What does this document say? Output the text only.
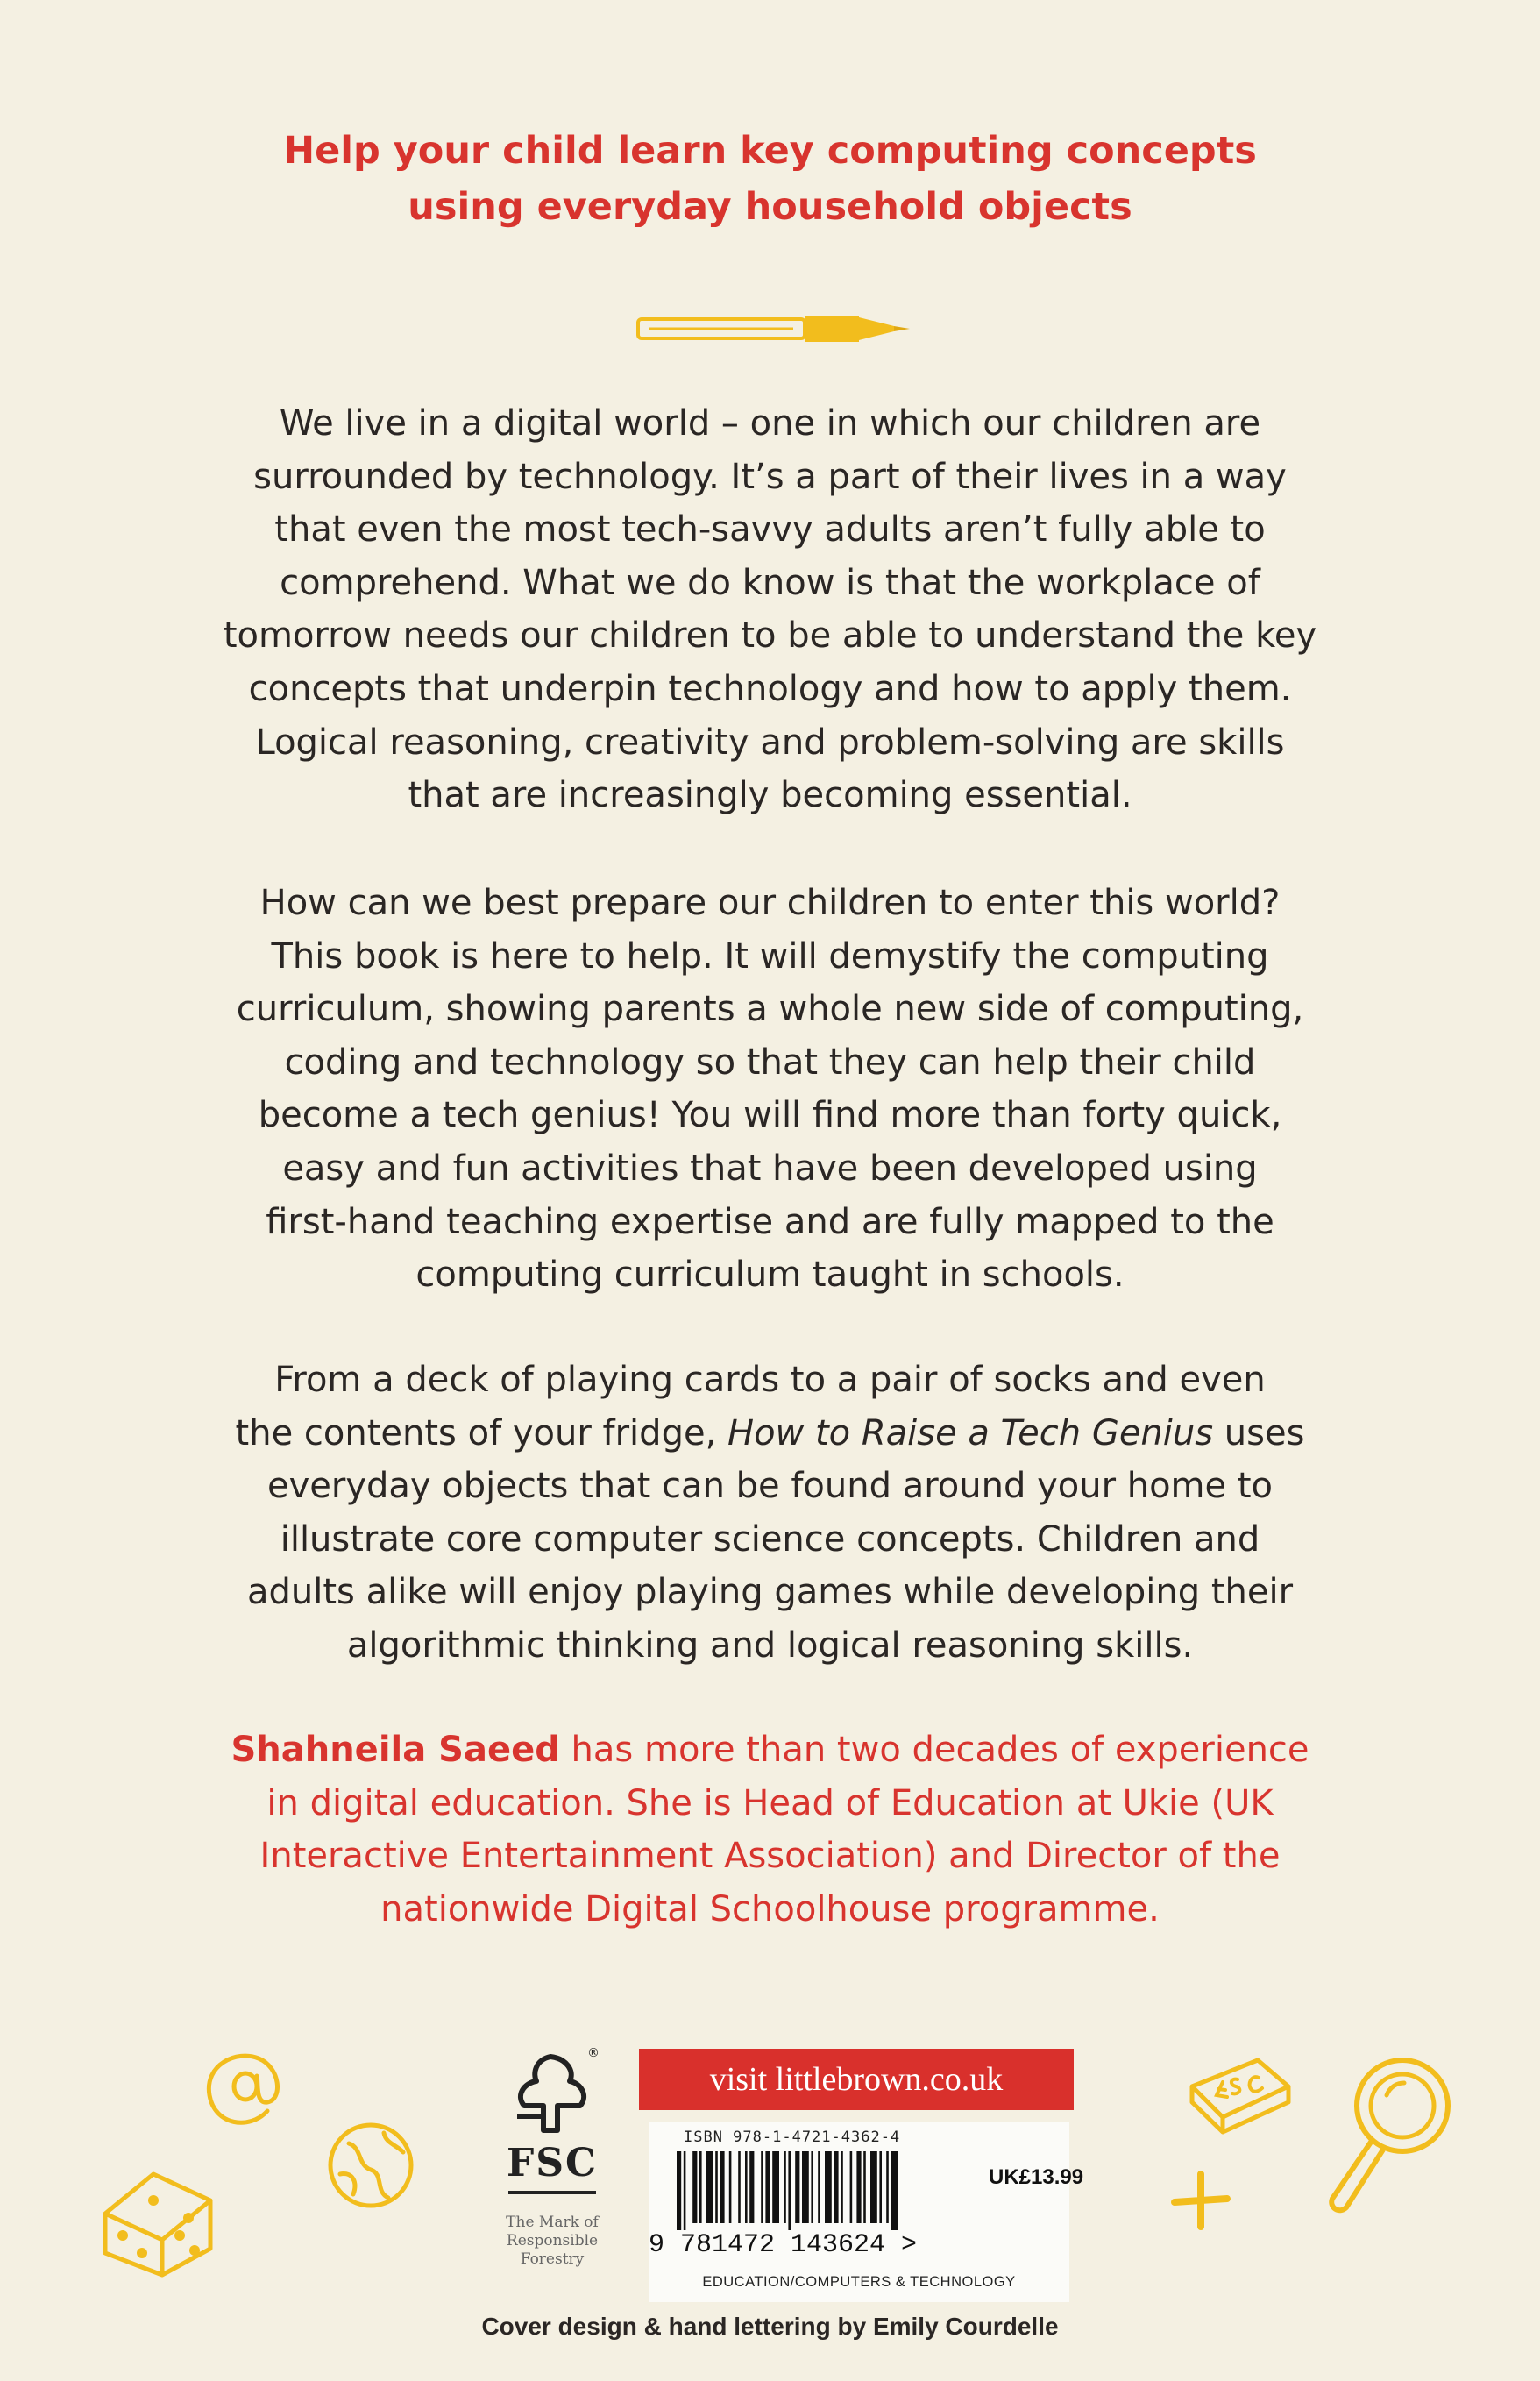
Help your child learn key computing concepts
using everyday household objects
We live in a digital world – one in which our children are
surrounded by technology. It’s a part of their lives in a way
that even the most tech-savvy adults aren’t fully able to
comprehend. What we do know is that the workplace of
tomorrow needs our children to be able to understand the key
concepts that underpin technology and how to apply them.
Logical reasoning, creativity and problem-solving are skills
that are increasingly becoming essential.
How can we best prepare our children to enter this world?
This book is here to help. It will demystify the computing
curriculum, showing parents a whole new side of computing,
coding and technology so that they can help their child
become a tech genius! You will find more than forty quick,
easy and fun activities that have been developed using
first-hand teaching expertise and are fully mapped to the
computing curriculum taught in schools.
From a deck of playing cards to a pair of socks and even
the contents of your fridge, How to Raise a Tech Genius uses
everyday objects that can be found around your home to
illustrate core computer science concepts. Children and
adults alike will enjoy playing games while developing their
algorithmic thinking and logical reasoning skills.
Shahneila Saeed has more than two decades of experience
in digital education. She is Head of Education at Ukie (UK
Interactive Entertainment Association) and Director of the
nationwide Digital Schoolhouse programme.
®
FSC
The Mark of
Responsible
Forestry
visit littlebrown.co.uk
ISBN 978-1-4721-4362-4
UK£13.99
9 781472 143624 >
EDUCATION/COMPUTERS & TECHNOLOGY
Cover design & hand lettering by Emily Courdelle
